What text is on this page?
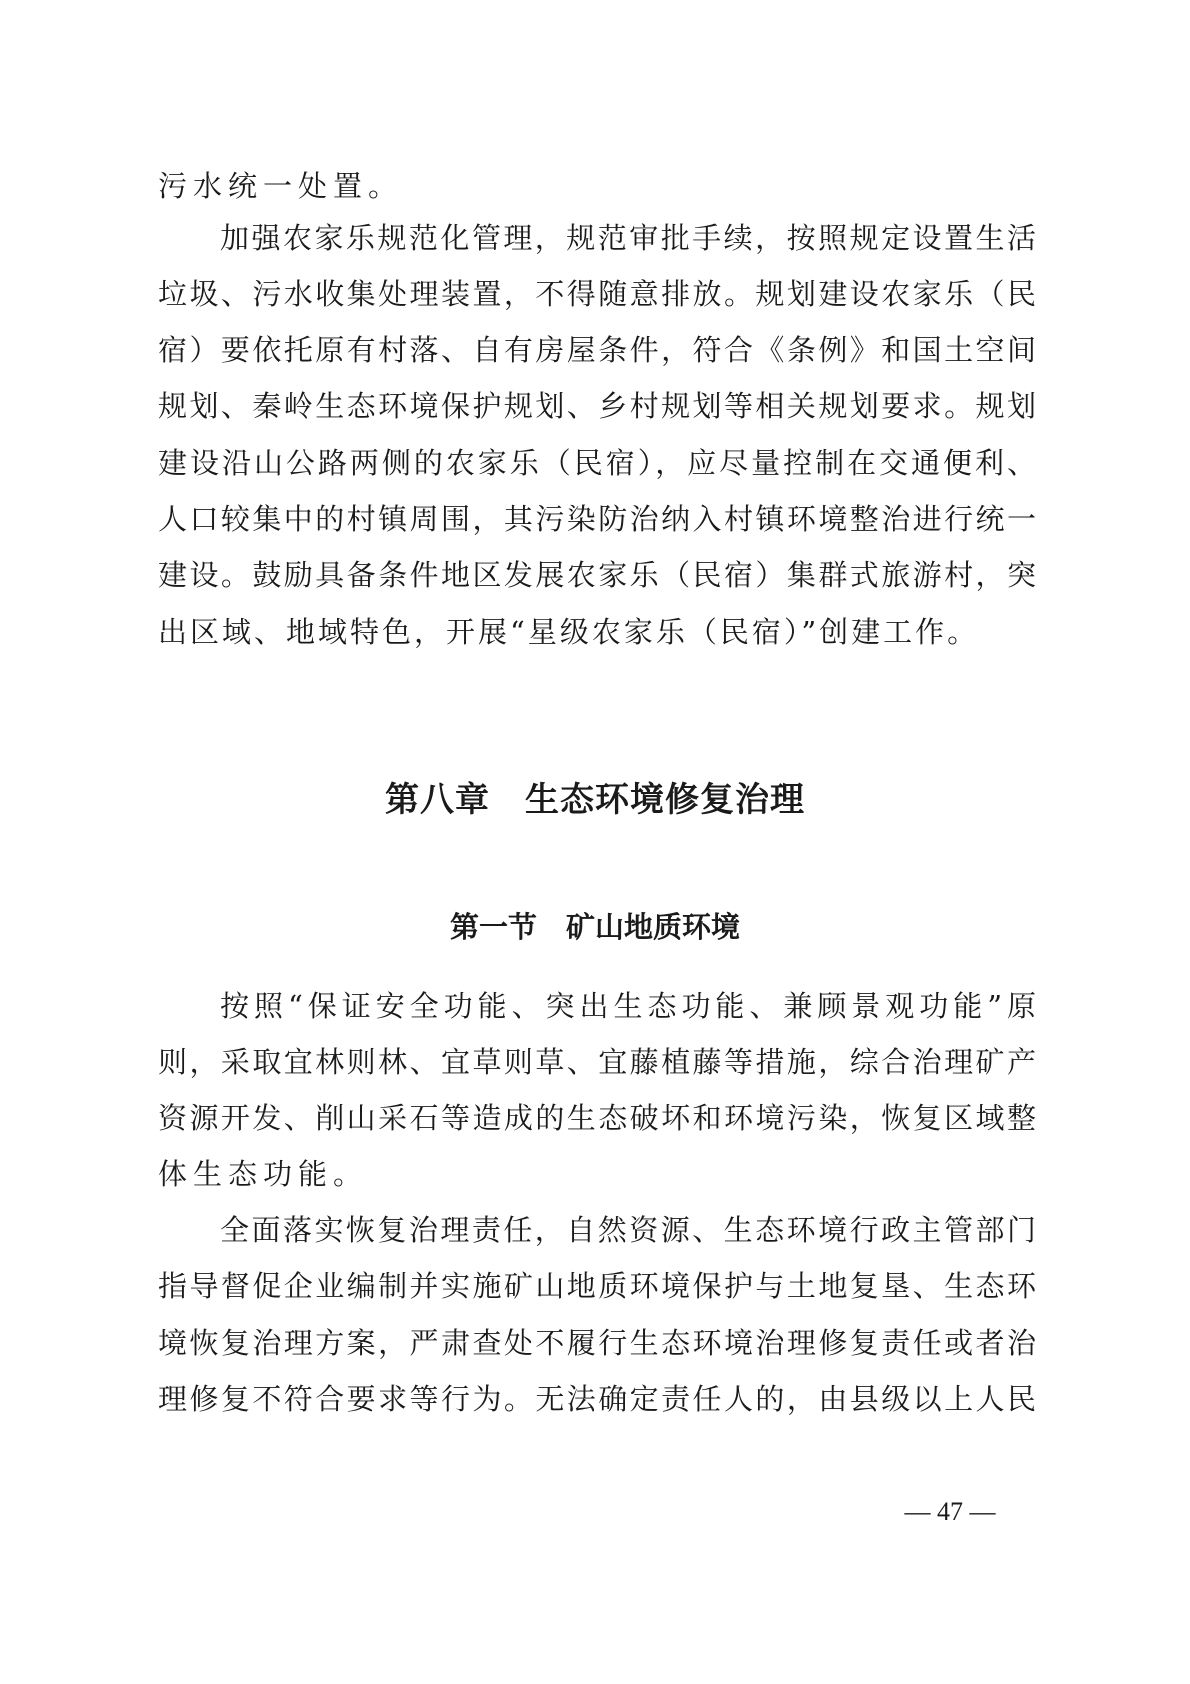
污水统一处置。
加强农家乐规范化管理，规范审批手续，按照规定设置生活
垃圾、污水收集处理装置，不得随意排放。规划建设农家乐（民
宿）要依托原有村落、自有房屋条件，符合《条例》和国土空间
规划、秦岭生态环境保护规划、乡村规划等相关规划要求。规划
建设沿山公路两侧的农家乐（民宿），应尽量控制在交通便利、
人口较集中的村镇周围，其污染防治纳入村镇环境整治进行统一
建设。鼓励具备条件地区发展农家乐（民宿）集群式旅游村，突
出区域、地域特色，开展“星级农家乐（民宿）”创建工作。
第八章　生态环境修复治理
第一节　矿山地质环境
按照“保证安全功能、突出生态功能、兼顾景观功能”原
则，采取宜林则林、宜草则草、宜藤植藤等措施，综合治理矿产
资源开发、削山采石等造成的生态破坏和环境污染，恢复区域整
体生态功能。
全面落实恢复治理责任，自然资源、生态环境行政主管部门
指导督促企业编制并实施矿山地质环境保护与土地复垦、生态环
境恢复治理方案，严肃查处不履行生态环境治理修复责任或者治
理修复不符合要求等行为。无法确定责任人的，由县级以上人民
— 47 —
